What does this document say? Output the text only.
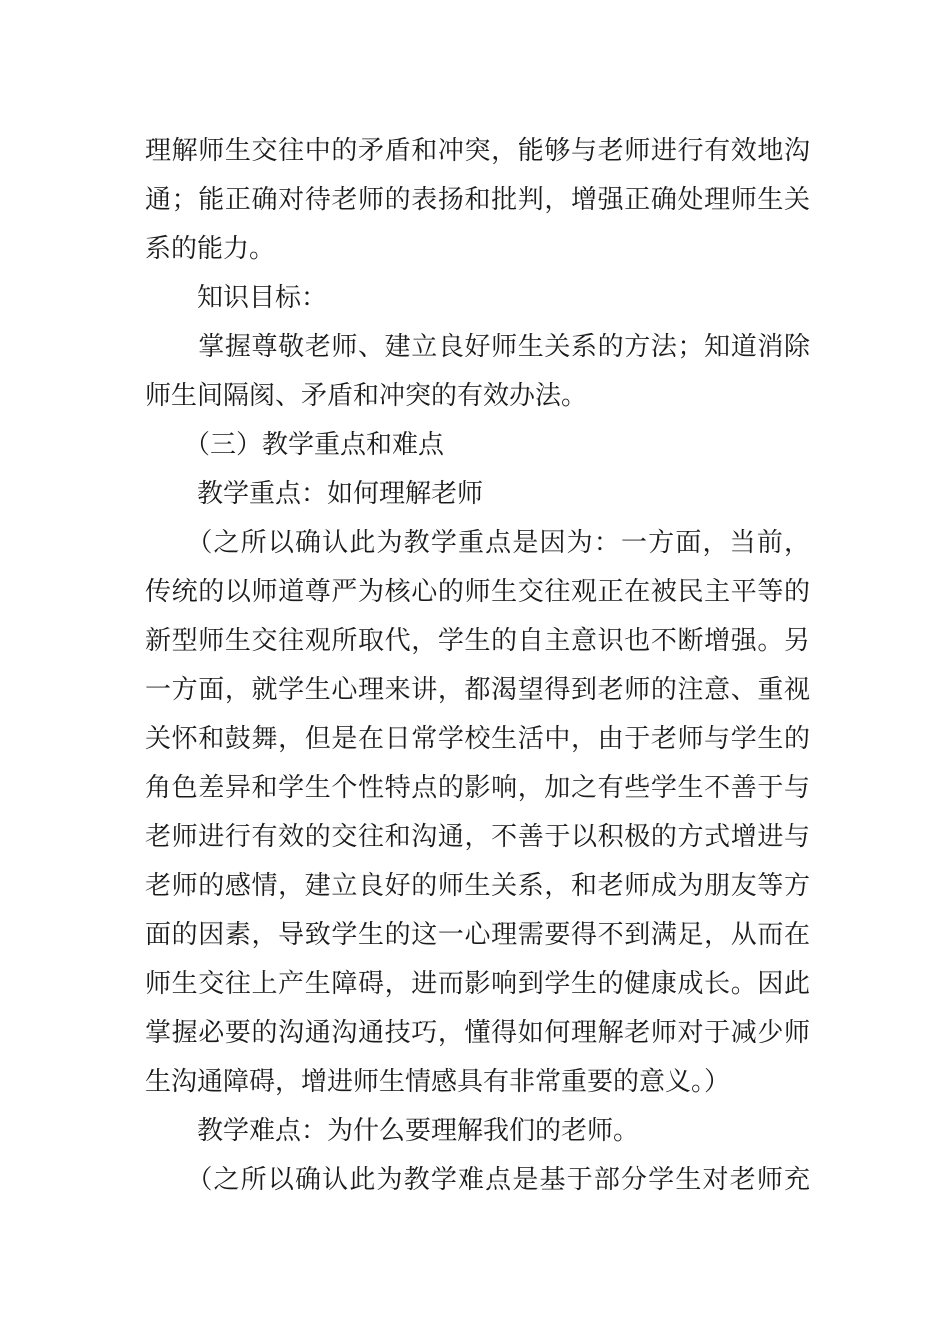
理解师生交往中的矛盾和冲突，能够与老师进行有效地沟
通；能正确对待老师的表扬和批判，增强正确处理师生关
系的能力。
　　知识目标：
　　掌握尊敬老师、建立良好师生关系的方法；知道消除
师生间隔阂、矛盾和冲突的有效办法。
　　（三）教学重点和难点
　　教学重点：如何理解老师
　　（之所以确认此为教学重点是因为：一方面，当前，
传统的以师道尊严为核心的师生交往观正在被民主平等的
新型师生交往观所取代，学生的自主意识也不断增强。另
一方面，就学生心理来讲，都渴望得到老师的注意、重视
关怀和鼓舞，但是在日常学校生活中，由于老师与学生的
角色差异和学生个性特点的影响，加之有些学生不善于与
老师进行有效的交往和沟通，不善于以积极的方式增进与
老师的感情，建立良好的师生关系，和老师成为朋友等方
面的因素，导致学生的这一心理需要得不到满足，从而在
师生交往上产生障碍，进而影响到学生的健康成长。因此
掌握必要的沟通沟通技巧，懂得如何理解老师对于减少师
生沟通障碍，增进师生情感具有非常重要的意义。）
　　教学难点：为什么要理解我们的老师。
　　（之所以确认此为教学难点是基于部分学生对老师充
